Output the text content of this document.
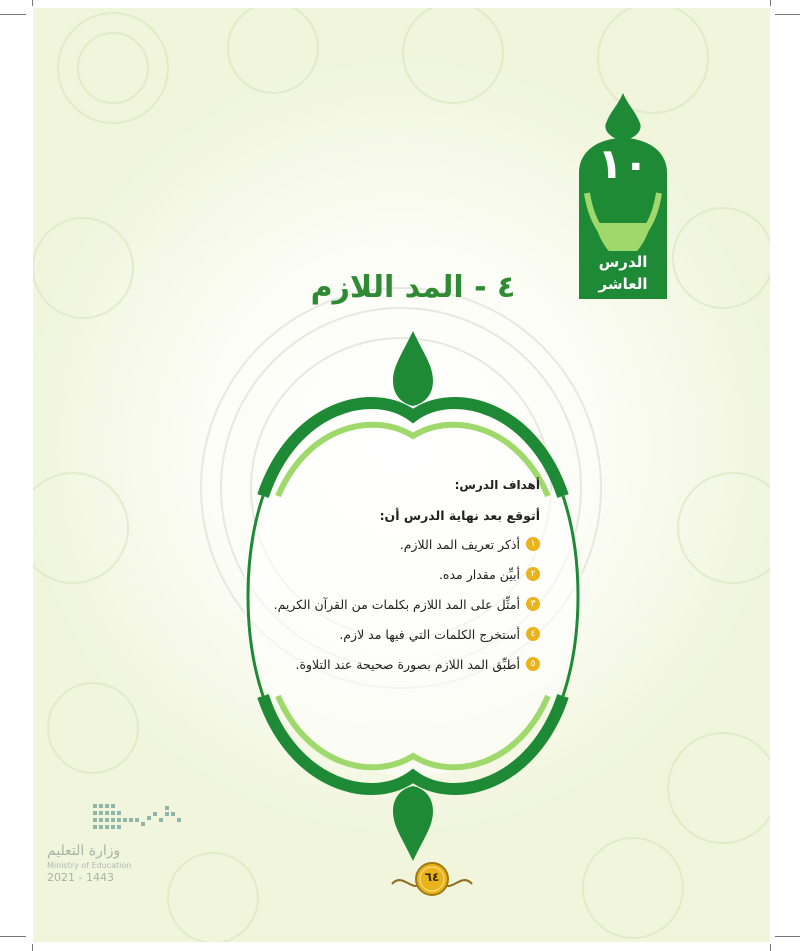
١٠
الدرس
العاشر
٤ - المد اللازم
أهداف الدرس:
أتوقع بعد نهاية الدرس أن:
١
أذكر تعريف المد اللازم.
٢
أبيِّن مقدار مده.
٣
أمثِّل على المد اللازم بكلمات من القرآن الكريم.
٤
أستخرج الكلمات التي فيها مد لازم.
٥
أطبِّق المد اللازم بصورة صحيحة عند التلاوة.
وزارة التعليم
Ministry of Education
2021 - 1443	٦٤
